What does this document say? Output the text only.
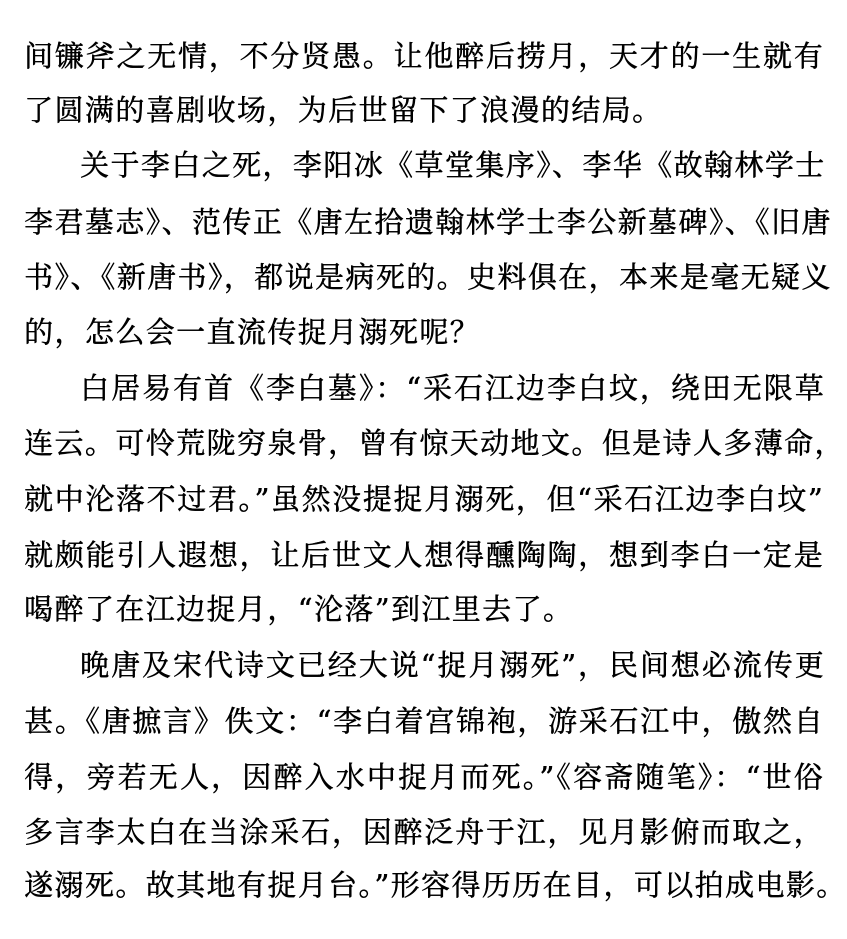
间镰斧之无情，不分贤愚。让他醉后捞月，天才的一生就有
了圆满的喜剧收场，为后世留下了浪漫的结局。
关于李白之死，李阳冰《草堂集序》、李华《故翰林学士
李君墓志》、范传正《唐左拾遗翰林学士李公新墓碑》、《旧唐
书》、《新唐书》，都说是病死的。史料俱在，本来是毫无疑义
的，怎么会一直流传捉月溺死呢？
白居易有首《李白墓》：“采石江边李白坟，绕田无限草
连云。可怜荒陇穷泉骨，曾有惊天动地文。但是诗人多薄命，
就中沦落不过君。”虽然没提捉月溺死，但“采石江边李白坟”
就颇能引人遐想，让后世文人想得醺陶陶，想到李白一定是
喝醉了在江边捉月，“沦落”到江里去了。
晚唐及宋代诗文已经大说“捉月溺死”，民间想必流传更
甚。《唐摭言》佚文：“李白着宫锦袍，游采石江中，傲然自
得，旁若无人，因醉入水中捉月而死。”《容斋随笔》：“世俗
多言李太白在当涂采石，因醉泛舟于江，见月影俯而取之，
遂溺死。故其地有捉月台。”形容得历历在目，可以拍成电影。
